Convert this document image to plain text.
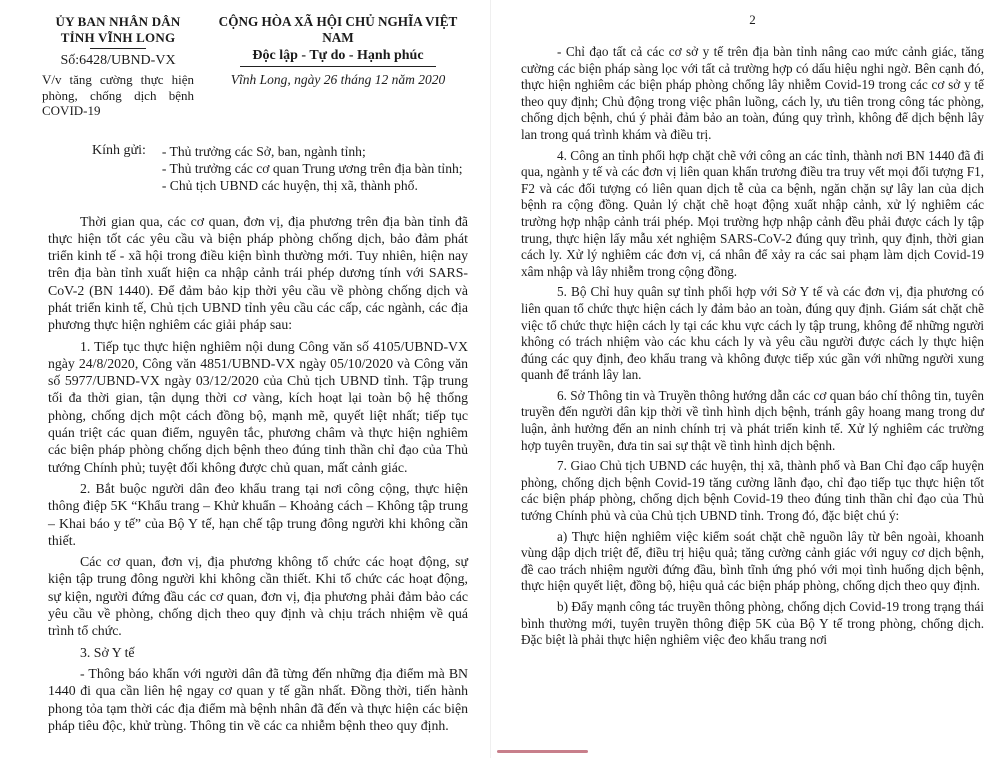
ỦY BAN NHÂN DÂN
TỈNH VĨNH LONG
Số:6428/UBND-VX
V/v tăng cường thực hiện phòng, chống dịch bệnh COVID-19
CỘNG HÒA XÃ HỘI CHỦ NGHĨA VIỆT NAM
Độc lập - Tự do - Hạnh phúc
Vĩnh Long, ngày 26 tháng 12 năm 2020
Kính gửi: - Thủ trưởng các Sở, ban, ngành tỉnh;
- Thủ trưởng các cơ quan Trung ương trên địa bàn tỉnh;
- Chủ tịch UBND các huyện, thị xã, thành phố.

Thời gian qua, các cơ quan, đơn vị, địa phương trên địa bàn tỉnh đã thực hiện tốt các yêu cầu và biện pháp phòng chống dịch, bảo đảm phát triển kinh tế - xã hội trong điều kiện bình thường mới. Tuy nhiên, hiện nay trên địa bàn tỉnh xuất hiện ca nhập cảnh trái phép dương tính với SARS-CoV-2 (BN 1440). Để đảm bảo kịp thời yêu cầu về phòng chống dịch và phát triển kinh tế, Chủ tịch UBND tỉnh yêu cầu các cấp, các ngành, các địa phương thực hiện nghiêm các giải pháp sau:

1. Tiếp tục thực hiện nghiêm nội dung Công văn số 4105/UBND-VX ngày 24/8/2020, Công văn 4851/UBND-VX ngày 05/10/2020 và Công văn số 5977/UBND-VX ngày 03/12/2020 của Chủ tịch UBND tỉnh. Tập trung tối đa thời gian, tận dụng thời cơ vàng, kích hoạt lại toàn bộ hệ thống phòng, chống dịch một cách đồng bộ, mạnh mẽ, quyết liệt nhất; tiếp tục quán triệt các quan điểm, nguyên tắc, phương châm và thực hiện nghiêm các biện pháp phòng chống dịch bệnh theo đúng tinh thần chỉ đạo của Thủ tướng Chính phủ; tuyệt đối không được chủ quan, mất cảnh giác.

2. Bắt buộc người dân đeo khẩu trang tại nơi công cộng, thực hiện thông điệp 5K “Khẩu trang – Khử khuẩn – Khoảng cách – Không tập trung – Khai báo y tế” của Bộ Y tế, hạn chế tập trung đông người khi không cần thiết.

Các cơ quan, đơn vị, địa phương không tổ chức các hoạt động, sự kiện tập trung đông người khi không cần thiết. Khi tổ chức các hoạt động, sự kiện, người đứng đầu các cơ quan, đơn vị, địa phương phải đảm bảo các yêu cầu về phòng, chống dịch theo quy định và chịu trách nhiệm về quá trình tổ chức.

3. Sở Y tế

- Thông báo khẩn với người dân đã từng đến những địa điểm mà BN 1440 đi qua cần liên hệ ngay cơ quan y tế gần nhất. Đồng thời, tiến hành phong tỏa tạm thời các địa điểm mà bệnh nhân đã đến và thực hiện các biện pháp tiêu độc, khử trùng. Thông tin về các ca nhiễm bệnh theo quy định.

2

- Chỉ đạo tất cả các cơ sở y tế trên địa bàn tỉnh nâng cao mức cảnh giác, tăng cường các biện pháp sàng lọc với tất cả trường hợp có dấu hiệu nghi ngờ. Bên cạnh đó, thực hiện nghiêm các biện pháp phòng chống lây nhiễm Covid-19 trong các cơ sở y tế theo quy định; Chủ động trong việc phân luồng, cách ly, ưu tiên trong công tác phòng, chống dịch bệnh, chú ý phải đảm bảo an toàn, đúng quy trình, không để dịch bệnh lây lan trong quá trình khám và điều trị.

4. Công an tỉnh phối hợp chặt chẽ với công an các tỉnh, thành nơi BN 1440 đã đi qua, ngành y tế và các đơn vị liên quan khẩn trương điều tra truy vết mọi đối tượng F1, F2 và các đối tượng có liên quan dịch tễ của ca bệnh, ngăn chặn sự lây lan của dịch bệnh ra cộng đồng. Quản lý chặt chẽ hoạt động xuất nhập cảnh, xử lý nghiêm các trường hợp nhập cảnh trái phép. Mọi trường hợp nhập cảnh đều phải được cách ly tập trung, thực hiện lấy mẫu xét nghiệm SARS-CoV-2 đúng quy trình, quy định, thời gian cách ly. Xử lý nghiêm các đơn vị, cá nhân để xảy ra các sai phạm làm dịch Covid-19 xâm nhập và lây nhiễm trong cộng đồng.

5. Bộ Chỉ huy quân sự tỉnh phối hợp với Sở Y tế và các đơn vị, địa phương có liên quan tổ chức thực hiện cách ly đảm bảo an toàn, đúng quy định. Giám sát chặt chẽ việc tổ chức thực hiện cách ly tại các khu vực cách ly tập trung, không để những người không có trách nhiệm vào các khu cách ly và yêu cầu người được cách ly thực hiện đúng các quy định, đeo khẩu trang và không được tiếp xúc gần với những người xung quanh để tránh lây lan.

6. Sở Thông tin và Truyền thông hướng dẫn các cơ quan báo chí thông tin, tuyên truyền đến người dân kịp thời về tình hình dịch bệnh, tránh gây hoang mang trong dư luận, ảnh hưởng đến an ninh chính trị và phát triển kinh tế. Xử lý nghiêm các trường hợp tuyên truyền, đưa tin sai sự thật về tình hình dịch bệnh.

7. Giao Chủ tịch UBND các huyện, thị xã, thành phố và Ban Chỉ đạo cấp huyện phòng, chống dịch bệnh Covid-19 tăng cường lãnh đạo, chỉ đạo tiếp tục thực hiện tốt các biện pháp phòng, chống dịch bệnh Covid-19 theo đúng tinh thần chỉ đạo của Thủ tướng Chính phủ và của Chủ tịch UBND tỉnh. Trong đó, đặc biệt chú ý:

a) Thực hiện nghiêm việc kiểm soát chặt chẽ nguồn lây từ bên ngoài, khoanh vùng dập dịch triệt để, điều trị hiệu quả; tăng cường cảnh giác với nguy cơ dịch bệnh, đề cao trách nhiệm người đứng đầu, bình tĩnh ứng phó với mọi tình huống dịch bệnh, thực hiện quyết liệt, đồng bộ, hiệu quả các biện pháp phòng, chống dịch theo quy định.

b) Đẩy mạnh công tác truyền thông phòng, chống dịch Covid-19 trong trạng thái bình thường mới, tuyên truyền thông điệp 5K của Bộ Y tế trong phòng, chống dịch. Đặc biệt là phải thực hiện nghiêm việc đeo khẩu trang nơi
